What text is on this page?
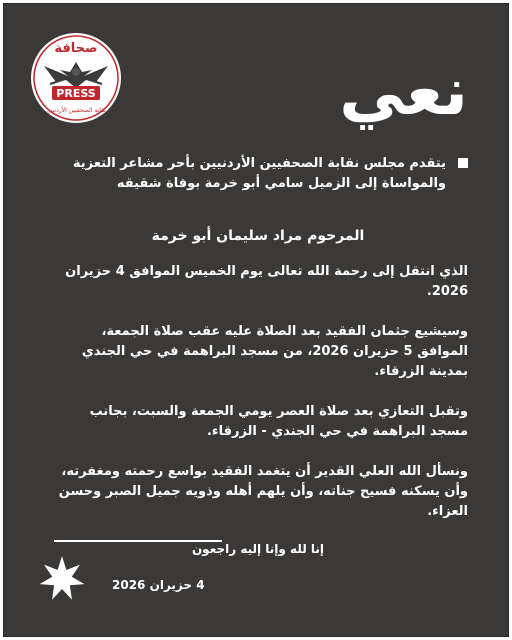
صحافة
PRESS
نقابة الصحفيين الأردنيين	نعي

يتقدم مجلس نقابة الصحفيين الأردنيين بأحر مشاعر التعزية والمواساة إلى الزميل سامي أبو خرمة بوفاة شقيقه

المرحوم مراد سليمان أبو خرمة

الذي انتقل إلى رحمة الله تعالى يوم الخميس الموافق 4 حزيران 2026.

وسيشيع جثمان الفقيد بعد الصلاة عليه عقب صلاة الجمعة، الموافق 5 حزيران 2026، من مسجد البراهمة في حي الجندي بمدينة الزرقاء.

وتقبل التعازي بعد صلاة العصر يومي الجمعة والسبت، بجانب مسجد البراهمة في حي الجندي - الزرقاء.

ونسأل الله العلي القدير أن يتغمد الفقيد بواسع رحمته ومغفرته، وأن يسكنه فسيح جناته، وأن يلهم أهله وذويه جميل الصبر وحسن العزاء.

إنا لله وإنا إليه راجعون
4 حزيران 2026
